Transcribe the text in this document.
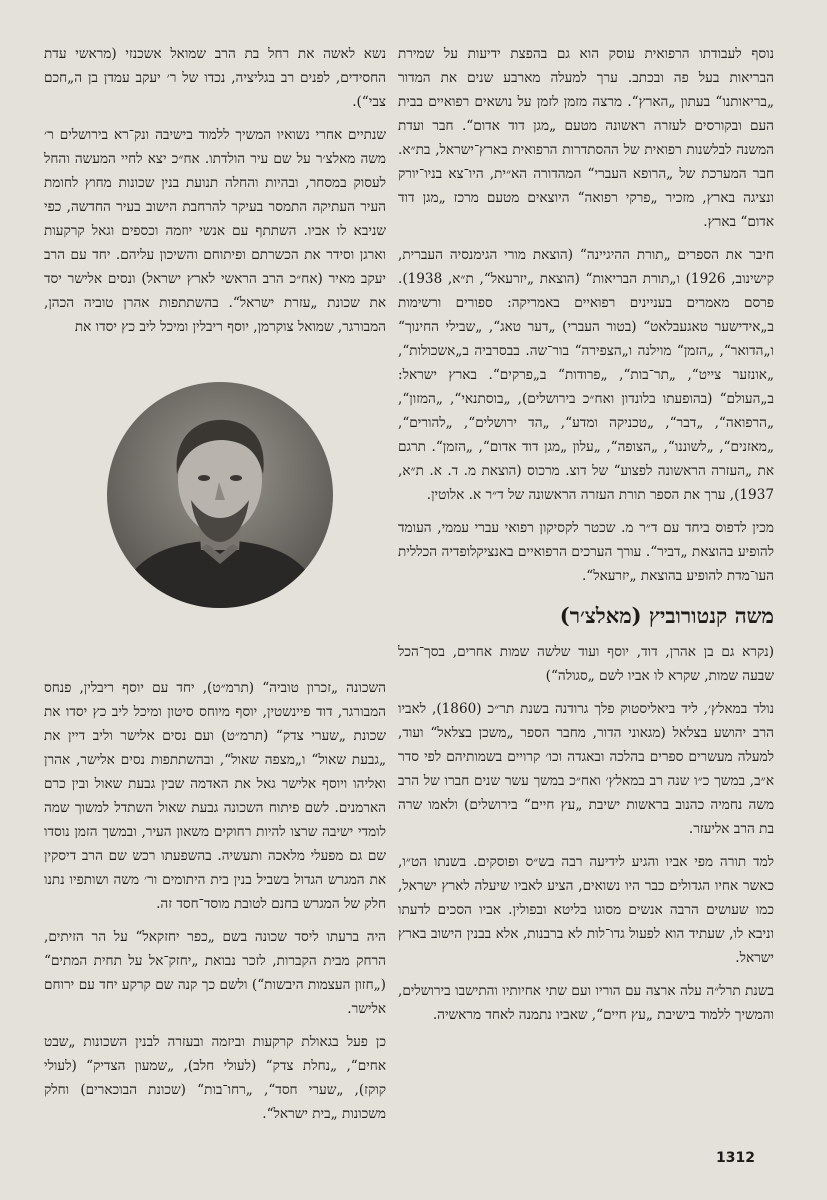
נוסף לעבודתו הרפואית עוסק הוא גם בהפצת ידיעות על שמירת הבריאות בעל פה ובכתב. ערך למעלה מארבע שנים את המדור „בריאותנו“ בעתון „הארץ“. מרצה מזמן לזמן על נושאים רפואיים בבית העם ובקורסים לעזרה ראשונה מטעם „מגן דוד אדום“. חבר ועדת המשנה לבלשנות רפואית של ההסתדרות הרפואית בארץ־ישראל, בת״א. חבר המערכת של „הרופא העברי“ המהדורה הא״ית, היו־צא בניו־יורק ונציגה בארץ, מזכיר „פרקי רפואה“ היוצאים מטעם מרכז „מגן דוד אדום“ בארץ.

חיבר את הספרים „תורת ההיגיינה“ (הוצאת מורי הגימנסיה העברית, קישינוב, 1926) ו„תורת הבריאות“ (הוצאת „יזרעאל“, ת״א, 1938). פרסם מאמרים בעניינים רפואיים באמריקה: ספורים ורשימות ב„אידישער טאגעבלאט“ (בטור העברי) „דער טאג“, „שבילי החינוך“ ו„הדואר“, „הזמן“ מוילנה ו„הצפירה“ בור־שה. בבסרביה ב„אשכולות“, „אונזער צייט“, „תר־בות“, „פרודות“ ב„פרקים“. בארץ ישראל: ב„העולם“ (בהופעתו בלונדון ואח״כ בירושלים), „בוסתנאי“, „המזון“, „הרפואה“, „דבר“, „טכניקה ומדע“, „הד ירושלים“, „להורים“, „מאזנים“, „לשוננו“, „הצופה“, „עלון „מגן דוד אדום“, „הזמן“. תרגם את „העזרה הראשונה לפצוע“ של דוצ. מרכוס (הוצאת מ. ד. א. ת״א, 1937), ערך את הספר תורת העזרה הראשונה של ד״ר א. אלוטין.

מכין לדפוס ביחד עם ד״ר מ. שכטר לקסיקון רפואי עברי עממי, העומד להופיע בהוצאת „דביר“. עורך הערכים הרפואיים באנציקלופדיה הכללית העו־מדת להופיע בהוצאת „יזרעאל“.

משה קנטורוביץ (מאלצ׳ר)

(נקרא גם בן אהרן, דוד, יוסף ועוד שלשה שמות אחרים, בסך־הכל שבעה שמות, שקרא לו אביו לשם „סגולה“)

נולד במאלץ׳, ליד ביאליסטוק פלך גרודנה בשנת תר״כ (1860), לאביו הרב יהושע בצלאל (מגאוני הדור, מחבר הספר „משכן בצלאל“ ועוד, למעלה מעשרים ספרים בהלכה ובאגדה וכו׳ קרויים בשמותיהם לפי סדר א״ב, במשך כ״ו שנה רב במאלץ׳ ואח״כ במשך עשר שנים חברו של הרב משה נחמיה כהנוב בראשות ישיבת „עץ חיים“ בירושלים) ולאמו שרה בת הרב אליעזר.

למד תורה מפי אביו והגיע לידיעה רבה בש״ס ופוסקים. בשנתו הט״ו, כאשר אחיו הגדולים כבר היו נשואים, הציע לאביו שיעלה לארץ ישראל, כמו שעושים הרבה אנשים מסוגו בליטא ובפולין. אביו הסכים לדעתו וניבא לו, שעתיד הוא לפעול גדו־לות לא ברבנות, אלא בבנין הישוב בארץ ישראל.

בשנת תרל״ה עלה ארצה עם הוריו ועם שתי אחיותיו והתישבו בירושלים, והמשיך ללמוד בישיבת „עץ חיים“, שאביו נתמנה לאחד מראשיה.

נשא לאשה את רחל בת הרב שמואל אשכנזי (מראשי עדת החסידים, לפנים רב בגליציה, נכדו של ר׳ יעקב עמדן בן ה„חכם צבי“).

שנתיים אחרי נשואיו המשיך ללמוד בישיבה ונק־רא בירושלים ר׳ משה מאלצ׳ר על שם עיר הולדתו. אח״כ יצא לחיי המעשה והחל לעסוק במסחר, ובהיות והחלה תנועת בנין שכונות מחוץ לחומת העיר העתיקה התמסר בעיקר להרחבת הישוב בעיר החדשה, כפי שניבא לו אביו. השתתף עם אנשי יוזמה וכספים וגאל קרקעות וארגן וסידר את הכשרתם ופיתוחם והשיכון עליהם. יחד עם הרב יעקב מאיר (אח״כ הרב הראשי לארץ ישראל) ונסים אלישר יסד את שכונת „עזרת ישראל“. בהשתתפות אהרן טוביה הכהן, המבורגר, שמואל צוקרמן, יוסף ריבלין ומיכל ליב כץ יסדו את

השכונה „זכרון טוביה“ (תרמ״ט), יחד עם יוסף ריבלין, פנחס המבורגר, דוד פיינשטין, יוסף מיוחס סיטון ומיכל ליב כץ יסדו את שכונת „שערי צדק“ (תרמ״ט) ועם נסים אלישר וליב דיין את „גבעת שאול“ ו„מצפה שאול“, ובהשתתפות נסים אלישר, אהרן ואליהו ויוסף אלישר גאל את האדמה שבין גבעת שאול ובין כרם הארמנים. לשם פיתוח השכונה גבעת שאול השתדל למשוך שמה לומדי ישיבה שרצו להיות רחוקים משאון העיר, ובמשך הזמן נוסדו שם גם מפעלי מלאכה ותעשיה. בהשפעתו רכש שם הרב דיסקין את המגרש הגדול בשביל בנין בית היתומים ור׳ משה ושותפיו נתנו חלק של המגרש בחנם לטובת מוסד־חסד זה.

היה ברעתו ליסד שכונה בשם „כפר יחזקאל“ על הר הזיתים, הרחק מבית הקברות, לזכר נבואת „יחזק־אל על תחית המתים“ („חזון העצמות היבשות“) ולשם כך קנה שם קרקע יחד עם ירוחם אלישר.

כן פעל בגאולת קרקעות וביזמה ובעזרה לבנין השכונות „שבט אחים“, „נחלת צדק“ (לעולי חלב), „שמעון הצדיק“ (לעולי קוקז), „שערי חסד“, „רחו־בות“ (שכונת הבוכארים) וחלק משכונות „בית ישראל“.

1312
